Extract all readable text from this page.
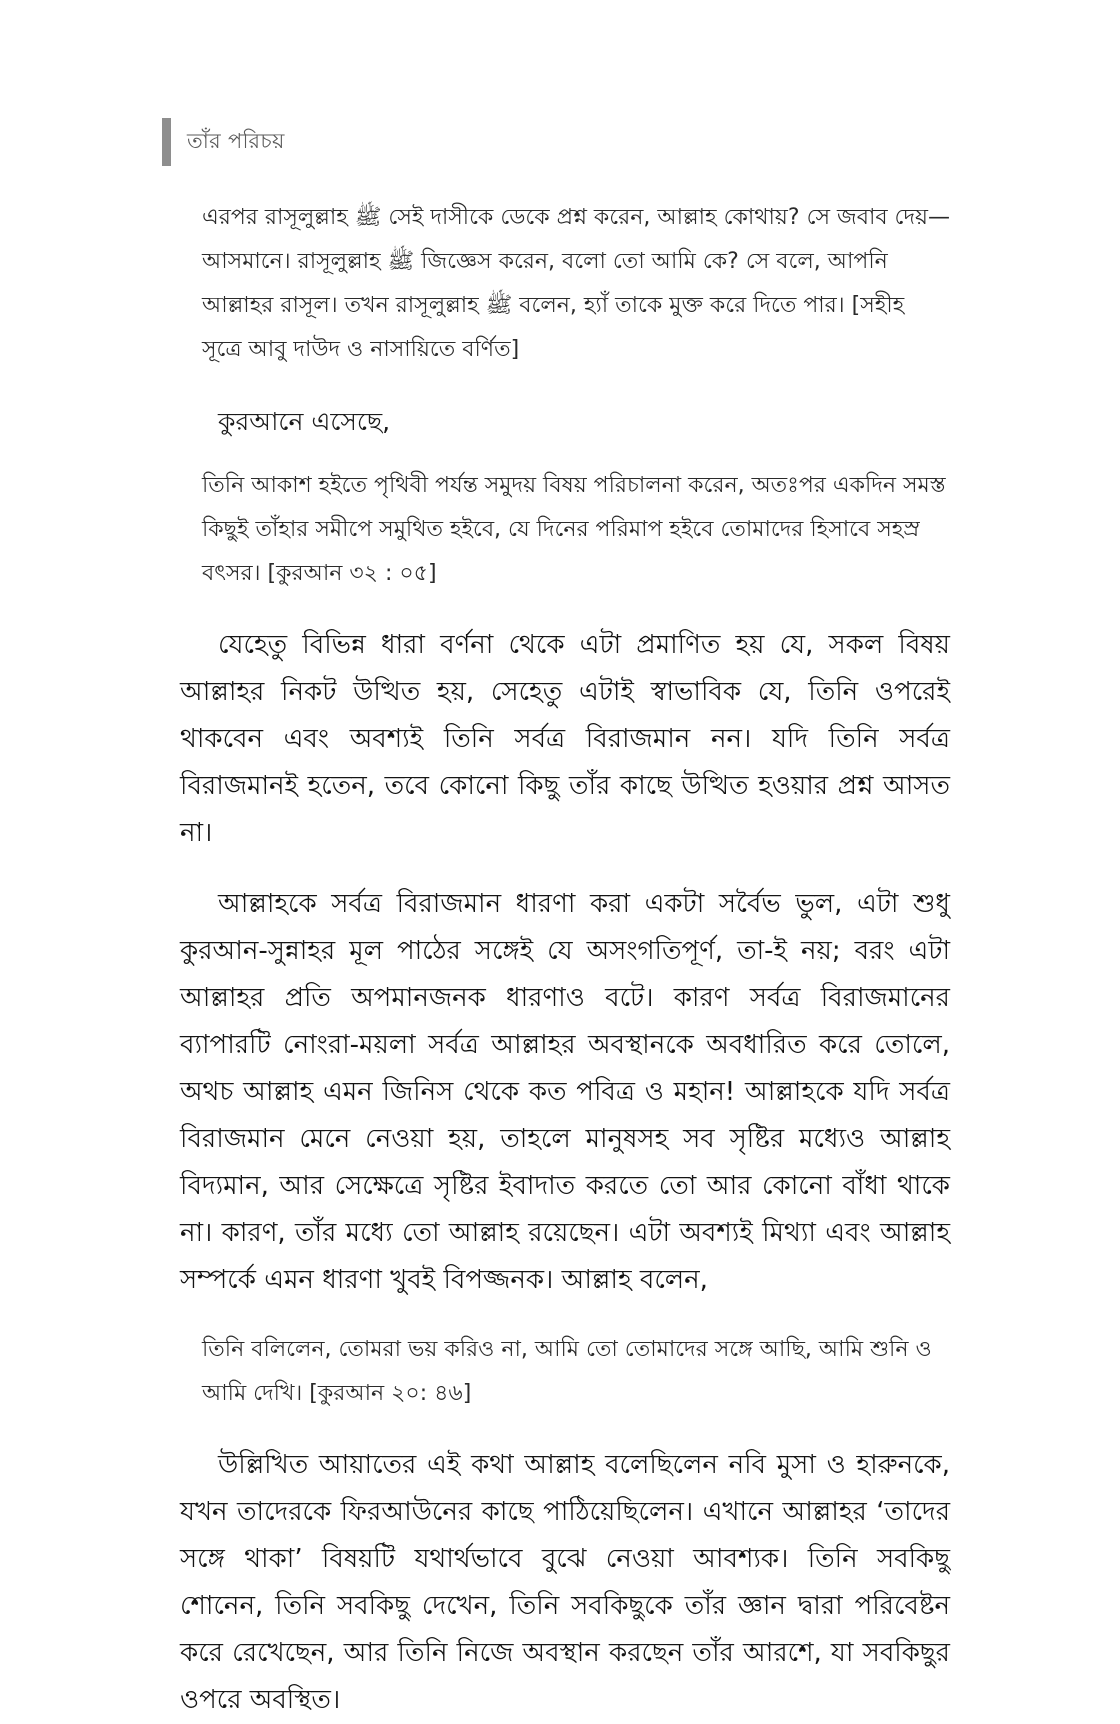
তাঁর পরিচয়

এরপর রাসূলুল্লাহ ﷺ সেই দাসীকে ডেকে প্রশ্ন করেন, আল্লাহ কোথায়? সে জবাব দেয়—আসমানে। রাসূলুল্লাহ ﷺ জিজ্ঞেস করেন, বলো তো আমি কে? সে বলে, আপনি আল্লাহর রাসূল। তখন রাসূলুল্লাহ ﷺ বলেন, হ্যাঁ তাকে মুক্ত করে দিতে পার। [সহীহ সূত্রে আবু দাউদ ও নাসায়িতে বর্ণিত]

কুরআনে এসেছে,

তিনি আকাশ হইতে পৃথিবী পর্যন্ত সমুদয় বিষয় পরিচালনা করেন, অতঃপর একদিন সমস্ত কিছুই তাঁহার সমীপে সমুথিত হইবে, যে দিনের পরিমাপ হইবে তোমাদের হিসাবে সহস্র বৎসর। [কুরআন ৩২ : ০৫]

যেহেতু বিভিন্ন ধারা বর্ণনা থেকে এটা প্রমাণিত হয় যে, সকল বিষয় আল্লাহর নিকট উত্থিত হয়, সেহেতু এটাই স্বাভাবিক যে, তিনি ওপরেই থাকবেন এবং অবশ্যই তিনি সর্বত্র বিরাজমান নন। যদি তিনি সর্বত্র বিরাজমানই হতেন, তবে কোনো কিছু তাঁর কাছে উত্থিত হওয়ার প্রশ্ন আসত না।

আল্লাহকে সর্বত্র বিরাজমান ধারণা করা একটা সর্বৈভ ভুল, এটা শুধু কুরআন-সুন্নাহর মূল পাঠের সঙ্গেই যে অসংগতিপূর্ণ, তা-ই নয়; বরং এটা আল্লাহর প্রতি অপমানজনক ধারণাও বটে। কারণ সর্বত্র বিরাজমানের ব্যাপারটি নোংরা-ময়লা সর্বত্র আল্লাহর অবস্থানকে অবধারিত করে তোলে, অথচ আল্লাহ এমন জিনিস থেকে কত পবিত্র ও মহান! আল্লাহকে যদি সর্বত্র বিরাজমান মেনে নেওয়া হয়, তাহলে মানুষসহ সব সৃষ্টির মধ্যেও আল্লাহ বিদ্যমান, আর সেক্ষেত্রে সৃষ্টির ইবাদাত করতে তো আর কোনো বাঁধা থাকে না। কারণ, তাঁর মধ্যে তো আল্লাহ রয়েছেন। এটা অবশ্যই মিথ্যা এবং আল্লাহ সম্পর্কে এমন ধারণা খুবই বিপজ্জনক। আল্লাহ বলেন,

তিনি বলিলেন, তোমরা ভয় করিও না, আমি তো তোমাদের সঙ্গে আছি, আমি শুনি ও আমি দেখি। [কুরআন ২০: ৪৬]

উল্লিখিত আয়াতের এই কথা আল্লাহ বলেছিলেন নবি মুসা ও হারুনকে, যখন তাদেরকে ফিরআউনের কাছে পাঠিয়েছিলেন। এখানে আল্লাহর ‘তাদের সঙ্গে থাকা’ বিষয়টি যথার্থভাবে বুঝে নেওয়া আবশ্যক। তিনি সবকিছু শোনেন, তিনি সবকিছু দেখেন, তিনি সবকিছুকে তাঁর জ্ঞান দ্বারা পরিবেষ্টন করে রেখেছেন, আর তিনি নিজে অবস্থান করছেন তাঁর আরশে, যা সবকিছুর ওপরে অবস্থিত।
